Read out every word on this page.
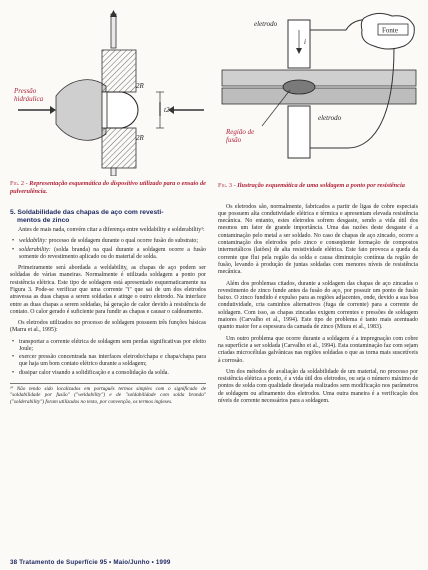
Pressão
hidráulica
2R
t2
2R
Fig. 2 - Representação esquemática do dispositivo utilizado para o ensaio de pulverulência.
5. Soldabilidade das chapas de aço com revesti-
mentos de zinco

Antes de mais nada, convém citar a diferença entre weldability e solderability¹:

• weldability: processo de soldagem durante o qual ocorre fusão do substrato;
• solderability: (solda branda) na qual durante a soldagem ocorre a fusão somente do revestimento aplicado ou do material de solda.

Primeiramente será abordada a weldability, as chapas de aço podem ser soldadas de várias maneiras. Normalmente é utilizada soldagem a ponto por resistência elétrica. Este tipo de soldagem está apresentado esquematicamente na Figura 3. Pode-se verificar que uma corrente "i" que sai de um dos eletrodos atravessa as duas chapas a serem soldadas e atinge o outro eletrodo. Na interface entre as duas chapas a serem soldadas, há geração de calor devido à resistência de contato. O calor gerado é suficiente para fundir as chapas e causar o caldeamento.

Os eletrodos utilizados no processo de soldagem possuem três funções básicas (Marra et al., 1995):

• transportar a corrente elétrica de soldagem sem perdas significativas por efeito Joule;
• exercer pressão concentrada nas interfaces eletrodo/chapa e chapa/chapa para que haja um bom contato elétrico durante a soldagem;
• dissipar calor visando a solidificação e a consolidação da solda.
¹ª Não tendo sido localizados em português termos simples com o significado de "soldabilidade por fusão" ("weldability") e de "soldabilidade com solda branda" ("solderability") foram utilizados no texto, por convenção, os termos ingleses.
Fonte
eletrodo
i
eletrodo
Região de
fusão
Fig. 3 - Ilustração esquemática de uma soldagem a ponto por resistência

Os eletrodos são, normalmente, fabricados a partir de ligas de cobre especiais que possuem alta condutividade elétrica e térmica e apresentam elevada resistência mecânica. No entanto, estes eletrodos sofrem desgaste, sendo a vida útil dos mesmos um fator de grande importância. Uma das razões deste desgaste é a contaminação pelo metal a ser soldado. No caso de chapas de aço zincado, ocorre a contaminação dos eletrodos pelo zinco e conseqüente formação de compostos intermetálicos (latões) de alta resistividade elétrica. Este fato provoca a queda da corrente que flui pela região da solda e causa diminuição contínua da região de fusão, levando à produção de juntas soldadas com menores níveis de resistência mecânica.

Além dos problemas citados, durante a soldagem das chapas de aço zincadas o revestimento de zinco funde antes da fusão do aço, por possuir um ponto de fusão baixo. O zinco fundido é expulso para as regiões adjacentes, onde, devido a sua boa condutividade, cria caminhos alternativos (fuga de corrente) para a corrente de soldagem. Com isso, as chapas zincadas exigem correntes e pressões de soldagem maiores (Carvalho et al., 1994). Este tipo de problema é tanto mais acentuado quanto maior for a espessura da camada de zinco (Miura et al., 1983).

Um outro problema que ocorre durante a soldagem é a impregnação com cobre na superfície a ser soldada (Carvalho et al., 1994). Esta contaminação faz com sejam criadas microcélulas galvânicas nas regiões soldadas o que as torna mais suscetíveis à corrosão.

Um dos métodos de avaliação da soldabilidade de um material, no processo por resistência elétrica a ponto, é a vida útil dos eletrodos, ou seja o número máximo de pontos de solda com qualidade desejada realizados sem modificação nos parâmetros de soldagem ou afinamento dos eletrodos. Uma outra maneira é a verificação dos níveis de corrente necessários para a soldagem.

38 Tratamento de Superfície 95 • Maio/Junho • 1999
